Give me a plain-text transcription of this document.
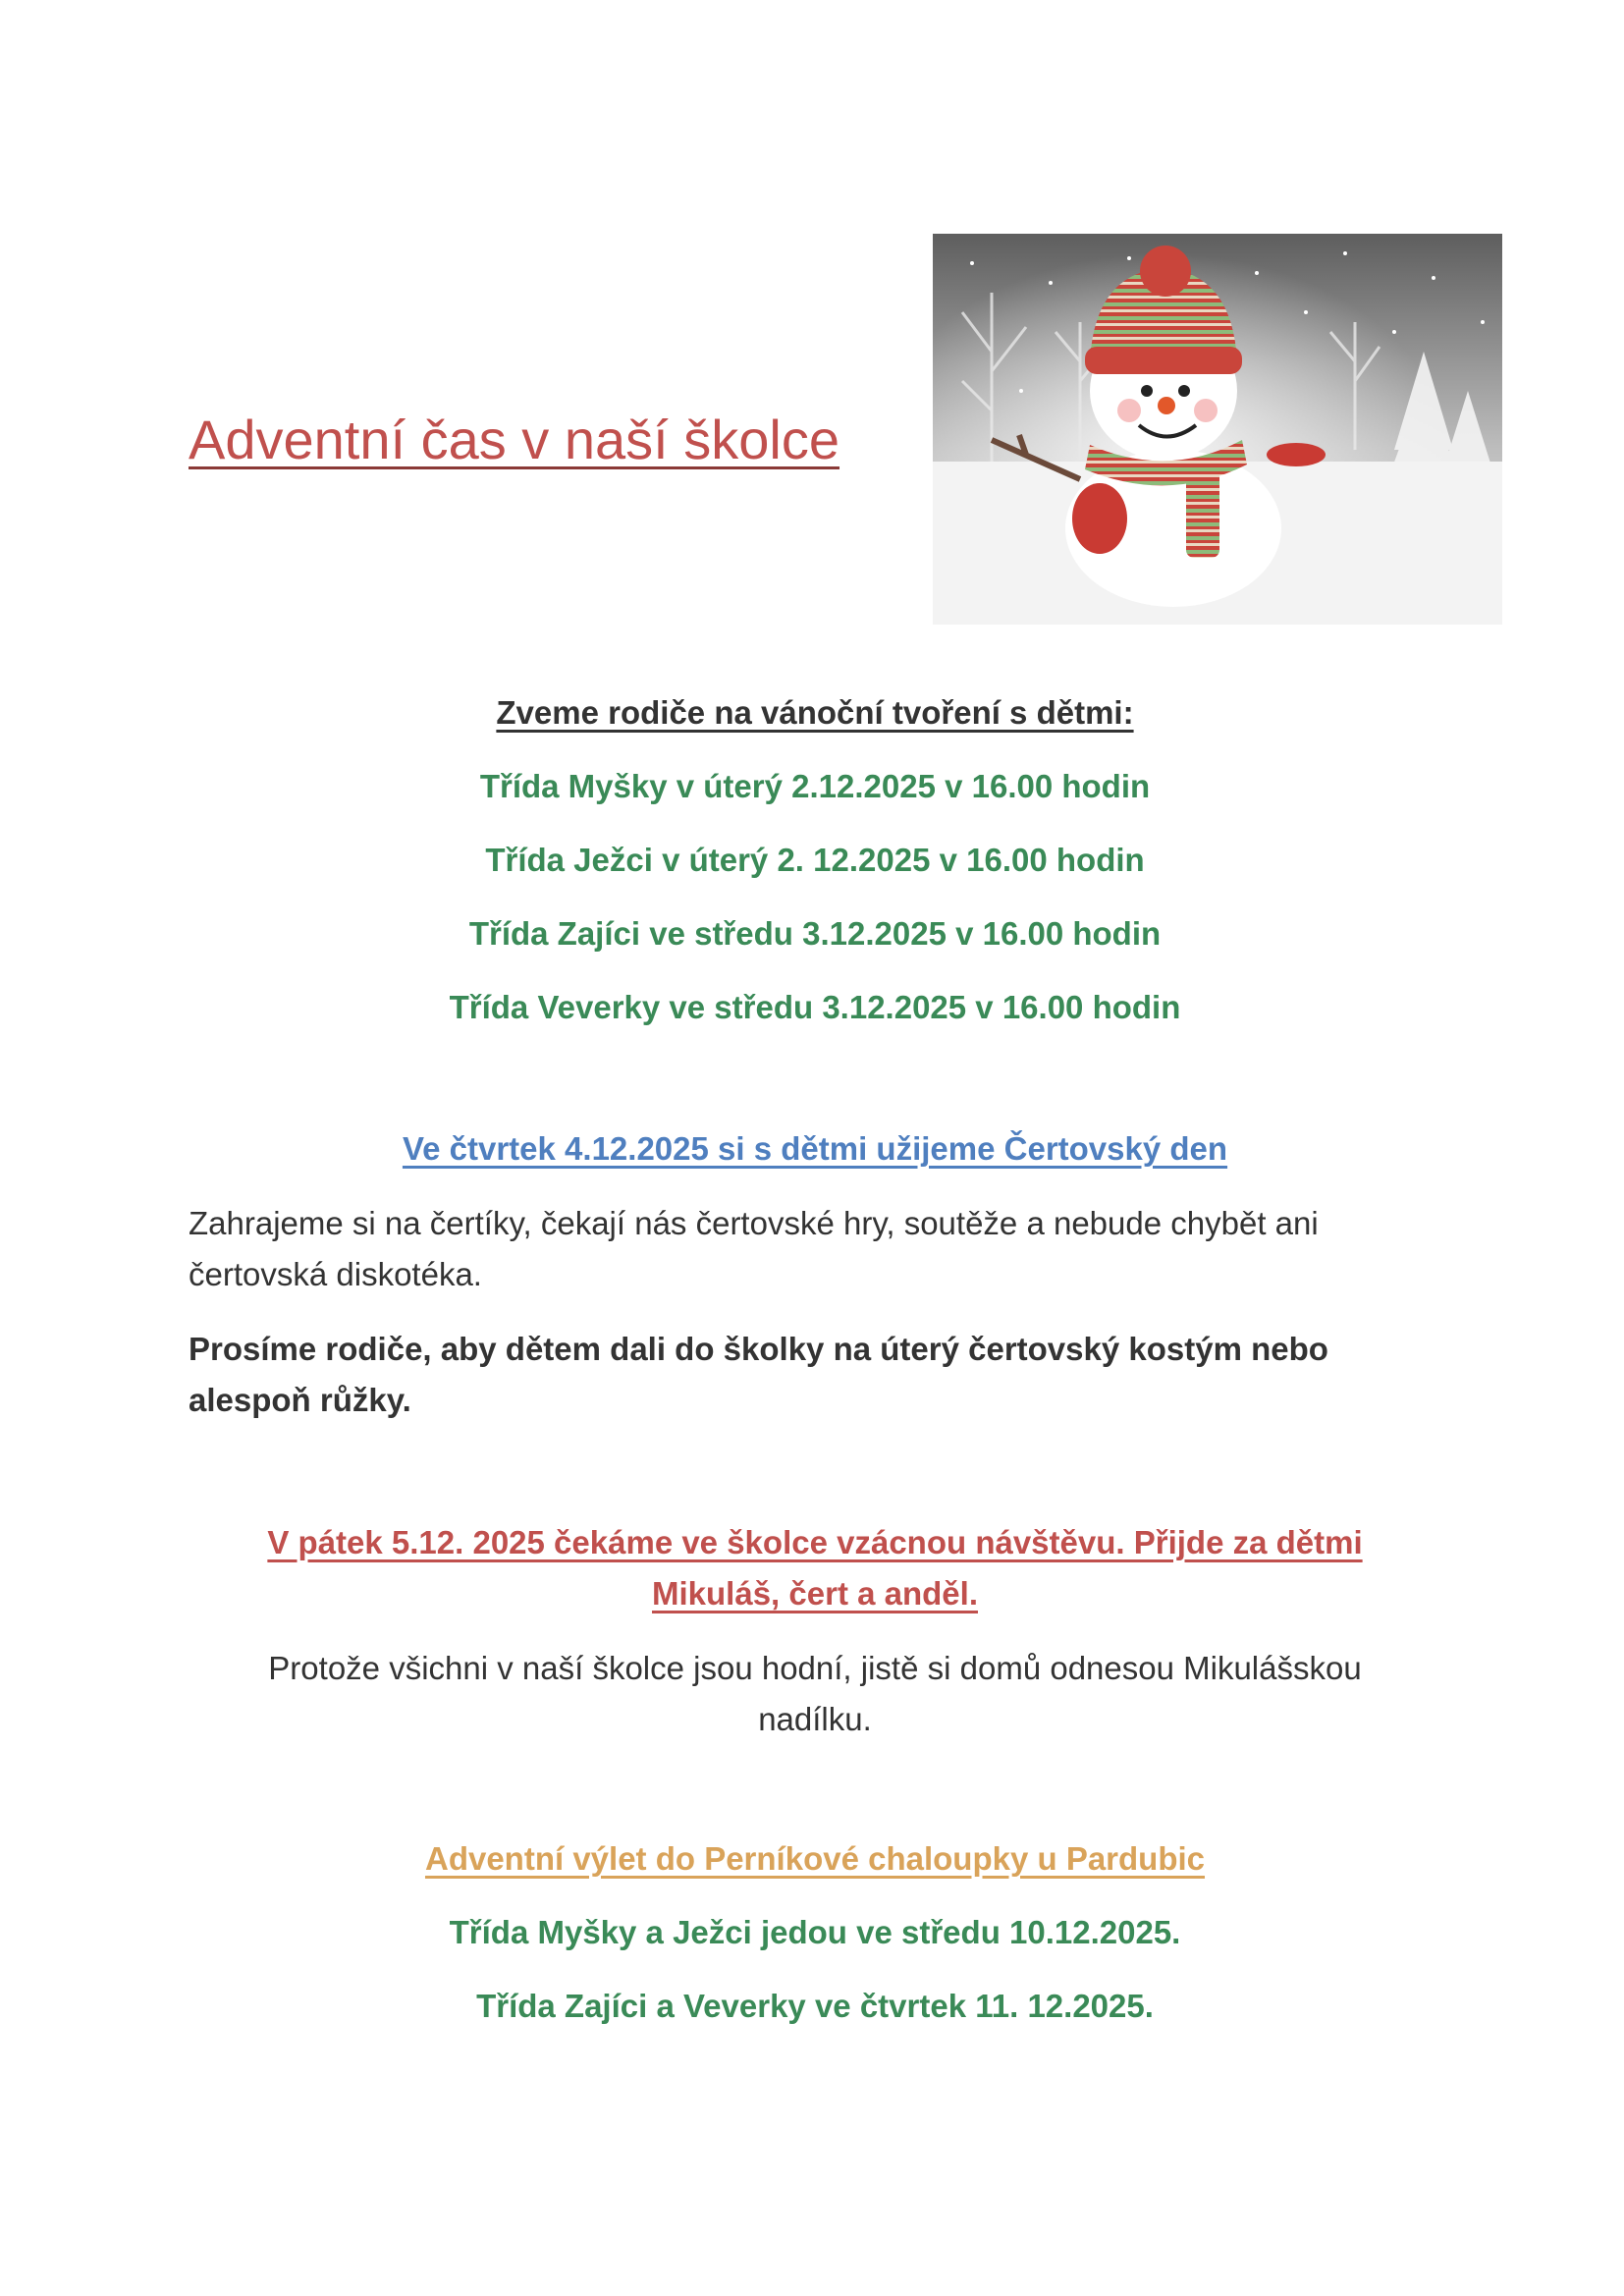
Adventní čas v naší školce
Zveme rodiče na vánoční tvoření s dětmi:
Třída Myšky v úterý 2.12.2025 v 16.00 hodin
Třída Ježci v úterý 2. 12.2025 v 16.00 hodin
Třída Zajíci ve středu 3.12.2025 v 16.00 hodin
Třída Veverky ve středu 3.12.2025 v 16.00 hodin
Ve čtvrtek 4.12.2025 si s dětmi užijeme Čertovský den
Zahrajeme si na čertíky, čekají nás čertovské hry, soutěže a nebude chybět ani
čertovská diskotéka.
Prosíme rodiče, aby dětem dali do školky na úterý čertovský kostým nebo
alespoň růžky.
V pátek 5.12. 2025 čekáme ve školce vzácnou návštěvu. Přijde za dětmi
Mikuláš, čert a anděl.
Protože všichni v naší školce jsou hodní, jistě si domů odnesou Mikulášskou
nadílku.
Adventní výlet do Perníkové chaloupky u Pardubic
Třída Myšky a Ježci jedou ve středu 10.12.2025.
Třída Zajíci a Veverky ve čtvrtek 11. 12.2025.
